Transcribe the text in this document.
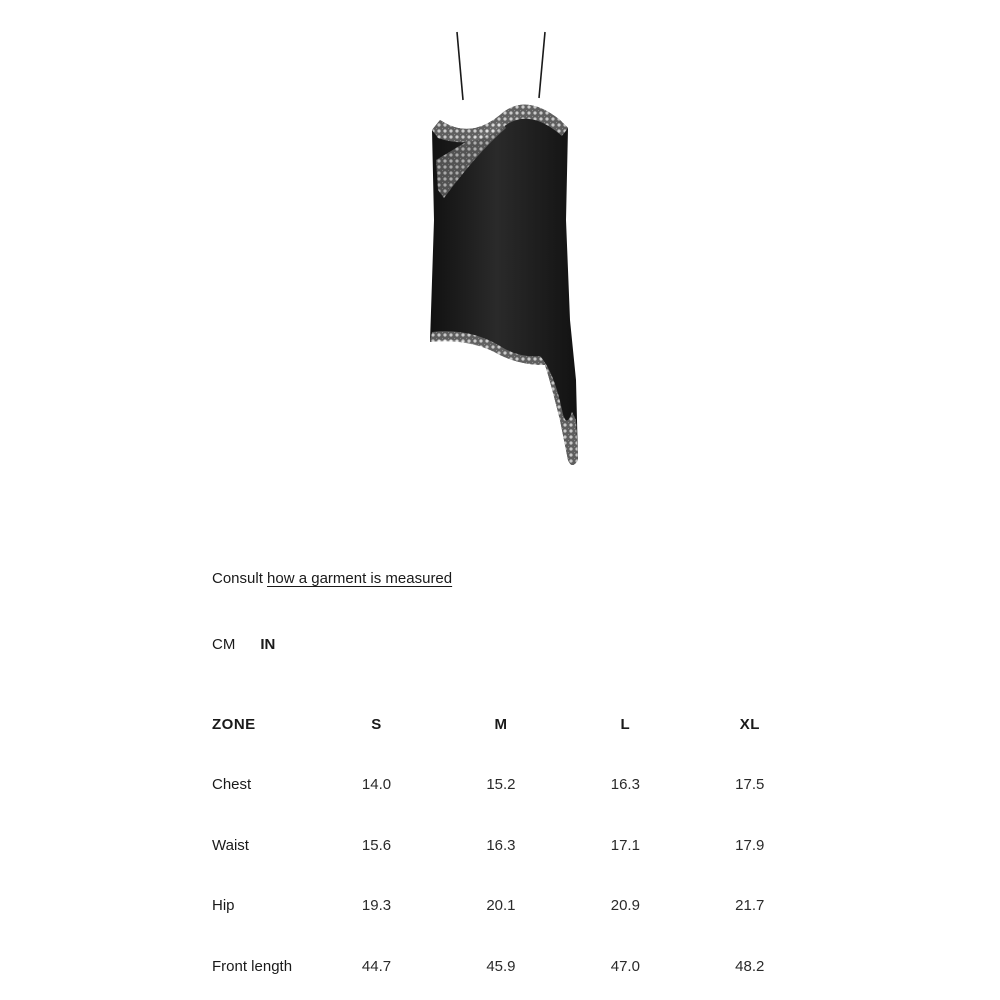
Consult how a garment is measured
CM IN
ZONE	S	M	L	XL
Chest	14.0	15.2	16.3	17.5
Waist	15.6	16.3	17.1	17.9
Hip	19.3	20.1	20.9	21.7
Front length	44.7	45.9	47.0	48.2
